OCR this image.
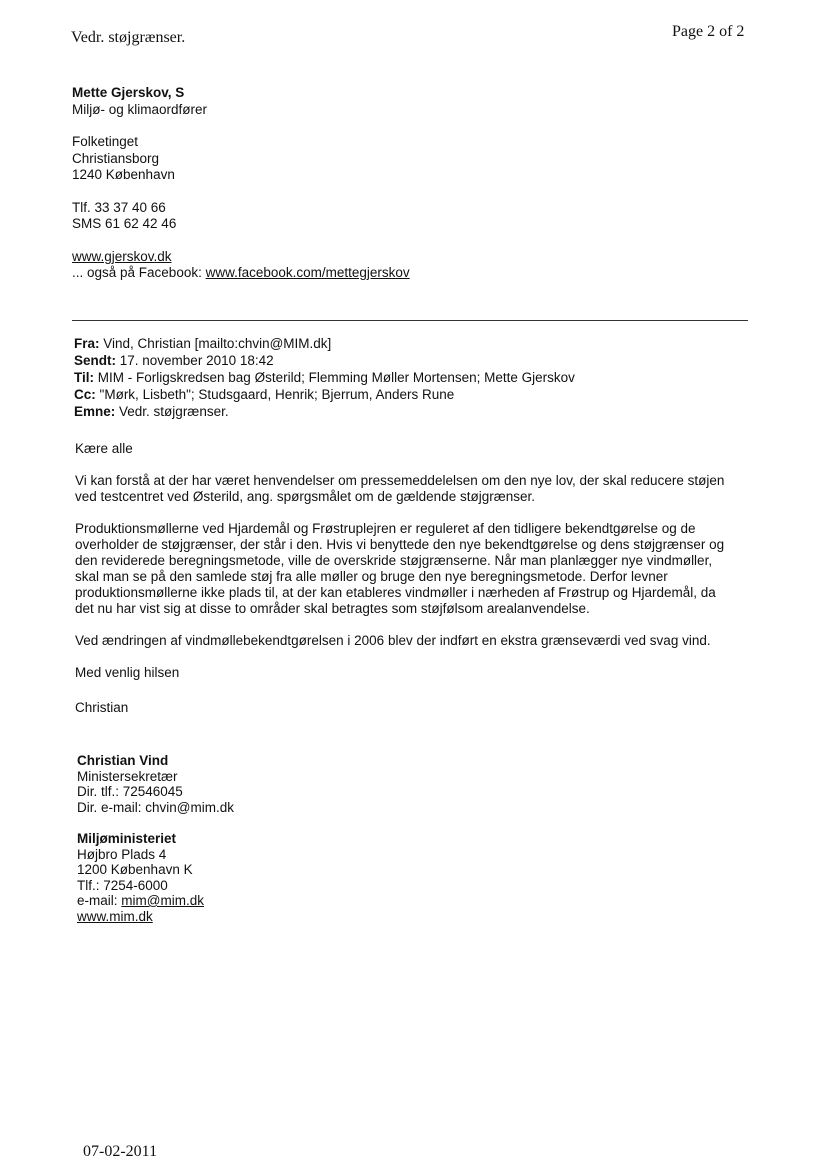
Vedr. støjgrænser.	Page 2 of 2
Mette Gjerskov, S
Miljø- og klimaordfører
Folketinget
Christiansborg
1240 København
Tlf. 33 37 40 66
SMS 61 62 42 46
www.gjerskov.dk
... også på Facebook: www.facebook.com/mettegjerskov
Fra: Vind, Christian [mailto:chvin@MIM.dk]
Sendt: 17. november 2010 18:42
Til: MIM - Forligskredsen bag Østerild; Flemming Møller Mortensen; Mette Gjerskov
Cc: "Mørk, Lisbeth"; Studsgaard, Henrik; Bjerrum, Anders Rune
Emne: Vedr. støjgrænser.

Kære alle

Vi kan forstå at der har været henvendelser om pressemeddelelsen om den nye lov, der skal reducere støjen

ved testcentret ved Østerild, ang. spørgsmålet om de gældende støjgrænser.

Produktionsmøllerne ved Hjardemål og Frøstruplejren er reguleret af den tidligere bekendtgørelse og de

overholder de støjgrænser, der står i den. Hvis vi benyttede den nye bekendtgørelse og dens støjgrænser og

den reviderede beregningsmetode, ville de overskride støjgrænserne. Når man planlægger nye vindmøller,

skal man se på den samlede støj fra alle møller og bruge den nye beregningsmetode. Derfor levner

produktionsmøllerne ikke plads til, at der kan etableres vindmøller i nærheden af Frøstrup og Hjardemål, da

det nu har vist sig at disse to områder skal betragtes som støjfølsom arealanvendelse.

Ved ændringen af vindmøllebekendtgørelsen i 2006 blev der indført en ekstra grænseværdi ved svag vind.

Med venlig hilsen

Christian

Christian Vind
Ministersekretær
Dir. tlf.: 72546045
Dir. e-mail: chvin@mim.dk
Miljøministeriet
Højbro Plads 4
1200 København K
Tlf.: 7254-6000
e-mail: mim@mim.dk
www.mim.dk
07-02-2011
